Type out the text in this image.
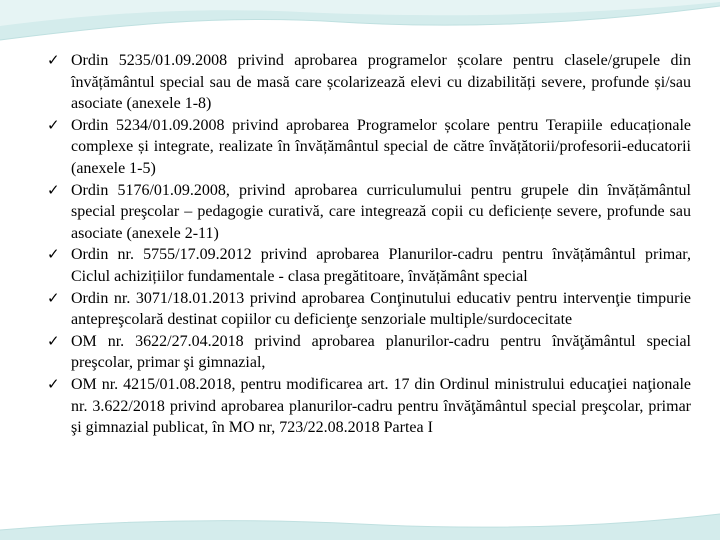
✓ Ordin 5235/01.09.2008 privind aprobarea programelor școlare pentru clasele/grupele din învățământul special sau de masă care școlarizează elevi cu dizabilități severe, profunde și/sau asociate (anexele 1-8)
✓ Ordin 5234/01.09.2008 privind aprobarea Programelor școlare pentru Terapiile educaționale complexe și integrate, realizate în învățământul special de către învățătorii/profesorii-educatorii (anexele 1-5)
✓ Ordin 5176/01.09.2008, privind aprobarea curriculumului pentru grupele din învățământul special preşcolar – pedagogie curativă, care integrează copii cu deficiențe severe, profunde sau asociate (anexele 2-11)
✓ Ordin nr. 5755/17.09.2012 privind aprobarea Planurilor-cadru pentru învățământul primar, Ciclul achizițiilor fundamentale - clasa pregătitoare, învățământ special
✓ Ordin nr. 3071/18.01.2013 privind aprobarea Conţinutului educativ pentru intervenţie timpurie antepreşcolară destinat copiilor cu deficienţe senzoriale multiple/surdocecitate
✓ OM nr. 3622/27.04.2018 privind aprobarea planurilor-cadru pentru învăţământul special preşcolar, primar şi gimnazial,
✓ OM nr. 4215/01.08.2018, pentru modificarea art. 17 din Ordinul ministrului educaţiei naţionale nr. 3.622/2018 privind aprobarea planurilor-cadru pentru învăţământul special preşcolar, primar şi gimnazial publicat, în MO nr, 723/22.08.2018 Partea I
